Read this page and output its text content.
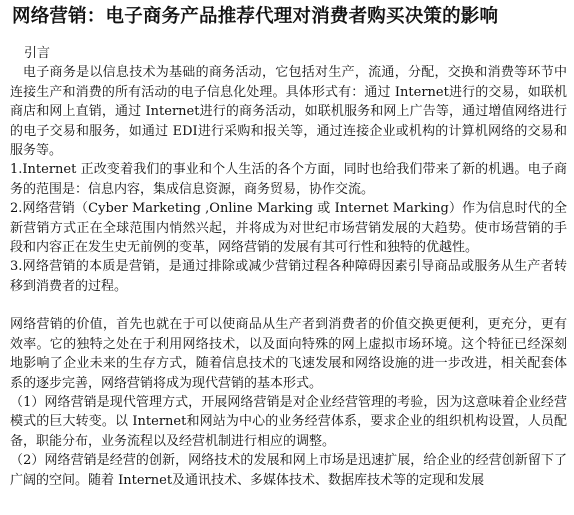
网络营销：电子商务产品推荐代理对消费者购买决策的影响

引言

电子商务是以信息技术为基础的商务活动，它包括对生产，流通，分配，交换和消费等环节中连接生产和消费的所有活动的电子信息化处理。具体形式有：通过 Internet进行的交易，如联机商店和网上直销，通过 Internet进行的商务活动，如联机服务和网上广告等，通过增值网络进行的电子交易和服务，如通过 EDI进行采购和报关等，通过连接企业或机构的计算机网络的交易和服务等。

1.Internet 正改变着我们的事业和个人生活的各个方面，同时也给我们带来了新的机遇。电子商务的范围是：信息内容，集成信息资源，商务贸易，协作交流。

2.网络营销（Cyber Marketing ,Online Marking 或 Internet Marking）作为信息时代的全新营销方式正在全球范围内悄然兴起，并将成为对世纪市场营销发展的大趋势。使市场营销的手段和内容正在发生史无前例的变革，网络营销的发展有其可行性和独特的优越性。

3.网络营销的本质是营销，是通过排除或减少营销过程各种障碍因素引导商品或服务从生产者转移到消费者的过程。

网络营销的价值，首先也就在于可以使商品从生产者到消费者的价值交换更便利，更充分，更有效率。它的独特之处在于利用网络技术，以及面向特殊的网上虚拟市场环境。这个特征已经深刻地影响了企业未来的生存方式，随着信息技术的飞速发展和网络设施的进一步改进，相关配套体系的逐步完善，网络营销将成为现代营销的基本形式。

（1）网络营销是现代管理方式，开展网络营销是对企业经营管理的考验，因为这意味着企业经营模式的巨大转变。以 Internet和网站为中心的业务经营体系，要求企业的组织机构设置，人员配备，职能分布，业务流程以及经营机制进行相应的调整。

（2）网络营销是经营的创新，网络技术的发展和网上市场是迅速扩展，给企业的经营创新留下了广阔的空间。随着 Internet及通讯技术、多媒体技术、数据库技术等的定现和发展
